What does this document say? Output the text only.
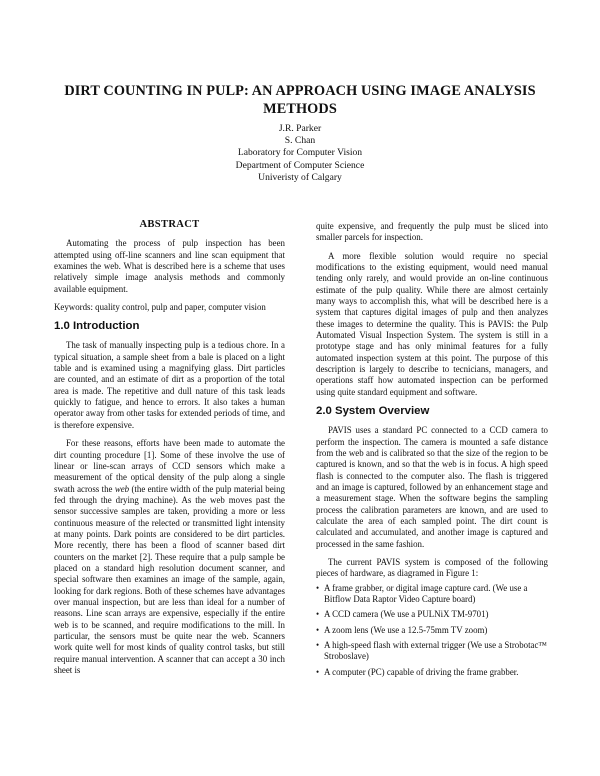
DIRT COUNTING IN PULP: AN APPROACH USING IMAGE ANALYSIS METHODS
J.R. Parker
S. Chan
Laboratory for Computer Vision
Department of Computer Science
Univeristy of Calgary
ABSTRACT

Automating the process of pulp inspection has been attempted using off-line scanners and line scan equipment that examines the web. What is described here is a scheme that uses relatively simple image analysis methods and commonly available equipment.

Keywords: quality control, pulp and paper, computer vision

1.0 Introduction

The task of manually inspecting pulp is a tedious chore. In a typical situation, a sample sheet from a bale is placed on a light table and is examined using a magnifying glass. Dirt particles are counted, and an estimate of dirt as a proportion of the total area is made. The repetitive and dull nature of this task leads quickly to fatigue, and hence to errors. It also takes a human operator away from other tasks for extended periods of time, and is therefore expensive.

For these reasons, efforts have been made to automate the dirt counting procedure [1]. Some of these involve the use of linear or line-scan arrays of CCD sensors which make a measurement of the optical density of the pulp along a single swath across the web (the entire width of the pulp material being fed through the drying machine). As the web moves past the sensor successive samples are taken, providing a more or less continuous measure of the relected or transmitted light intensity at many points. Dark points are considered to be dirt particles. More recently, there has been a flood of scanner based dirt counters on the market [2]. These require that a pulp sample be placed on a standard high resolution document scanner, and special software then examines an image of the sample, again, looking for dark regions. Both of these schemes have advantages over manual inspection, but are less than ideal for a number of reasons. Line scan arrays are expensive, especially if the entire web is to be scanned, and require modifications to the mill. In particular, the sensors must be quite near the web. Scanners work quite well for most kinds of quality control tasks, but still require manual intervention. A scanner that can accept a 30 inch sheet is

quite expensive, and frequently the pulp must be sliced into smaller parcels for inspection.

A more flexible solution would require no special modifications to the existing equipment, would need manual tending only rarely, and would provide an on-line continuous estimate of the pulp quality. While there are almost certainly many ways to accomplish this, what will be described here is a system that captures digital images of pulp and then analyzes these images to determine the quality. This is PAVIS: the Pulp Automated Visual Inspection System. The system is still in a prototype stage and has only minimal features for a fully automated inspection system at this point. The purpose of this description is largely to describe to tecnicians, managers, and operations staff how automated inspection can be performed using quite standard equipment and software.

2.0 System Overview

PAVIS uses a standard PC connected to a CCD camera to perform the inspection. The camera is mounted a safe distance from the web and is calibrated so that the size of the region to be captured is known, and so that the web is in focus. A high speed flash is connected to the computer also. The flash is triggered and an image is captured, followed by an enhancement stage and a measurement stage. When the software begins the sampling process the calibration parameters are known, and are used to calculate the area of each sampled point. The dirt count is calculated and accumulated, and another image is captured and processed in the same fashion.

The current PAVIS system is composed of the following pieces of hardware, as diagramed in Figure 1:

• A frame grabber, or digital image capture card. (We use a Bitflow Data Raptor Video Capture board)
• A CCD camera (We use a PULNiX TM-9701)
• A zoom lens (We use a 12.5-75mm TV zoom)
• A high-speed flash with external trigger (We use a Strobotac™ Stroboslave)
• A computer (PC) capable of driving the frame grabber.
